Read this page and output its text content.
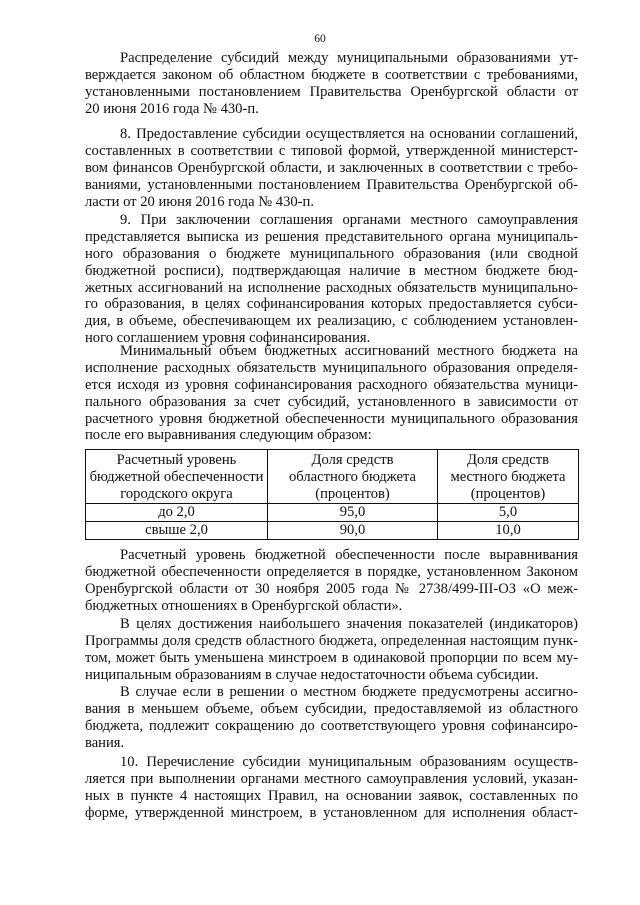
60
Распределение субсидий между муниципальными образованиями ут-
верждается законом об областном бюджете в соответствии с требованиями,
установленными постановлением Правительства Оренбургской области от
20 июня 2016 года № 430-п.
8. Предоставление субсидии осуществляется на основании соглашений,
составленных в соответствии с типовой формой, утвержденной министерст-
вом финансов Оренбургской области, и заключенных в соответствии с требо-
ваниями, установленными постановлением Правительства Оренбургской об-
ласти от 20 июня 2016 года № 430-п.
9. При заключении соглашения органами местного самоуправления
представляется выписка из решения представительного органа муниципаль-
ного образования о бюджете муниципального образования (или сводной
бюджетной росписи), подтверждающая наличие в местном бюджете бюд-
жетных ассигнований на исполнение расходных обязательств муниципально-
го образования, в целях софинансирования которых предоставляется субси-
дия, в объеме, обеспечивающем их реализацию, с соблюдением установлен-
ного соглашением уровня софинансирования.
Минимальный объем бюджетных ассигнований местного бюджета на
исполнение расходных обязательств муниципального образования определя-
ется исходя из уровня софинансирования расходного обязательства муници-
пального образования за счет субсидий, установленного в зависимости от
расчетного уровня бюджетной обеспеченности муниципального образования
после его выравнивания следующим образом:
Расчетный уровень
бюджетной обеспеченности
городского округа	Доля средств
областного бюджета
(процентов)	Доля средств
местного бюджета
(процентов)

до 2,0	95,0	5,0
свыше 2,0	90,0	10,0
Расчетный уровень бюджетной обеспеченности после выравнивания
бюджетной обеспеченности определяется в порядке, установленном Законом
Оренбургской области от 30 ноября 2005 года № 2738/499-III-ОЗ «О меж-
бюджетных отношениях в Оренбургской области».
В целях достижения наибольшего значения показателей (индикаторов)
Программы доля средств областного бюджета, определенная настоящим пунк-
том, может быть уменьшена минстроем в одинаковой пропорции по всем му-
ниципальным образованиям в случае недостаточности объема субсидии.
В случае если в решении о местном бюджете предусмотрены ассигно-
вания в меньшем объеме, объем субсидии, предоставляемой из областного
бюджета, подлежит сокращению до соответствующего уровня софинансиро-
вания.
10. Перечисление субсидии муниципальным образованиям осуществ-
ляется при выполнении органами местного самоуправления условий, указан-
ных в пункте 4 настоящих Правил, на основании заявок, составленных по
форме, утвержденной минстроем, в установленном для исполнения област-
